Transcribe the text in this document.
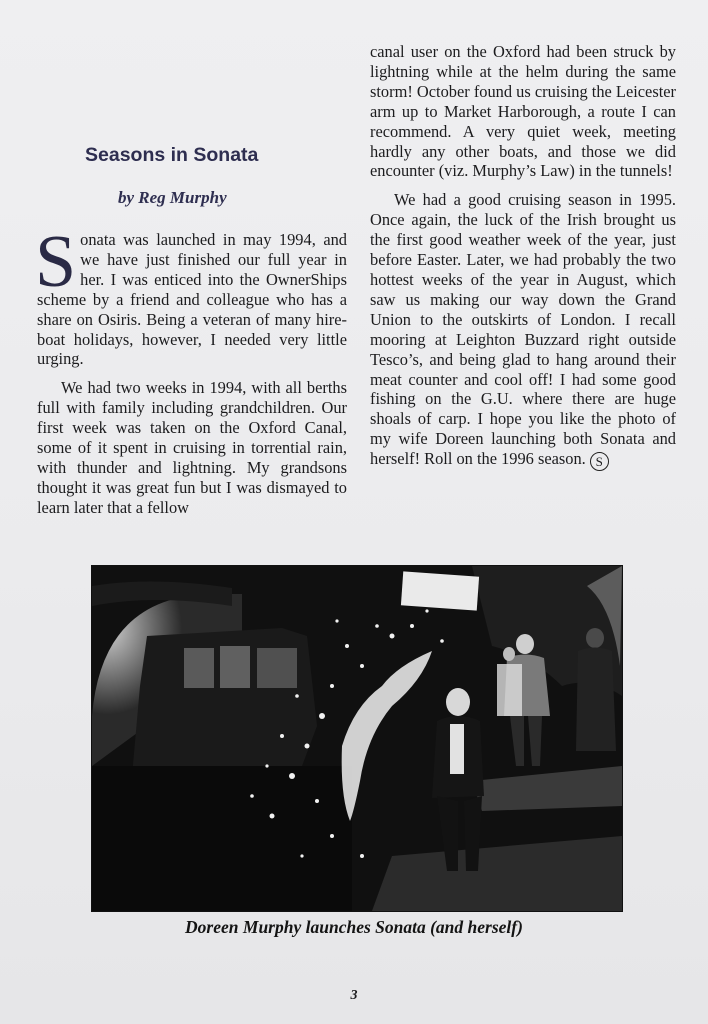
Seasons in Sonata
by Reg Murphy

Sonata was launched in may 1994, and we have just finished our full year in her. I was enticed into the OwnerShips scheme by a friend and colleague who has a share on Osiris. Being a veteran of many hire-boat holidays, however, I needed very little urging.

We had two weeks in 1994, with all berths full with family including grandchildren. Our first week was taken on the Oxford Canal, some of it spent in cruising in torrential rain, with thunder and lightning. My grandsons thought it was great fun but I was dismayed to learn later that a fellow

canal user on the Oxford had been struck by lightning while at the helm during the same storm! October found us cruising the Leicester arm up to Market Harborough, a route I can recommend. A very quiet week, meeting hardly any other boats, and those we did encounter (viz. Murphy’s Law) in the tunnels!

We had a good cruising season in 1995. Once again, the luck of the Irish brought us the first good weather week of the year, just before Easter. Later, we had probably the two hottest weeks of the year in August, which saw us making our way down the Grand Union to the outskirts of London. I recall mooring at Leighton Buzzard right outside Tesco’s, and being glad to hang around their meat counter and cool off! I had some good fishing on the G.U. where there are huge shoals of carp. I hope you like the photo of my wife Doreen launching both Sonata and herself! Roll on the 1996 season. S

Doreen Murphy launches Sonata (and herself)
3
